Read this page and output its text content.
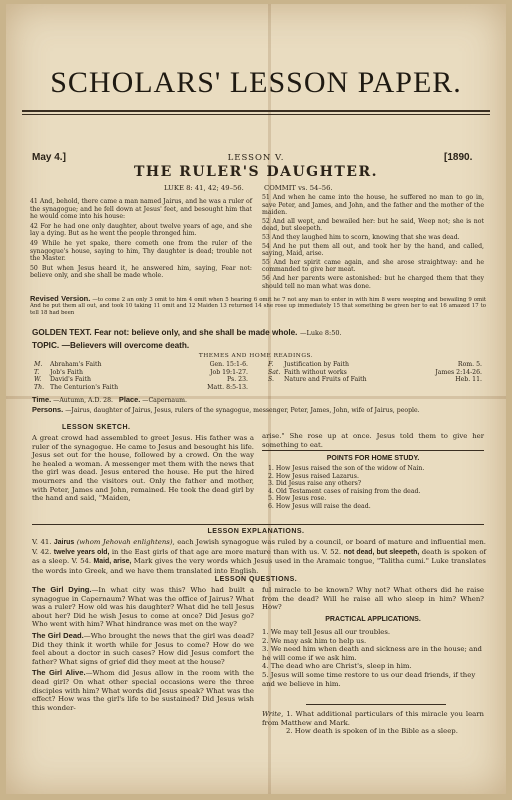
SCHOLARS' LESSON PAPER.
May 4.]	LESSON V.	[1890.
THE RULER'S DAUGHTER.
LUKE 8: 41, 42; 49–56.	COMMIT vs. 54–56.

41 And, behold, there came a man named Jairus, and he was a ruler of the synagogue; and he fell down at Jesus' feet, and besought him that he would come into his house:

42 For he had one only daughter, about twelve years of age, and she lay a dying. But as he went the people thronged him.

49 While he yet spake, there cometh one from the ruler of the synagogue's house, saying to him, Thy daughter is dead; trouble not the Master.

50 But when Jesus heard it, he answered him, saying, Fear not: believe only, and she shall be made whole.

51 And when he came into the house, he suffered no man to go in, save Peter, and James, and John, and the father and the mother of the maiden.

52 And all wept, and bewailed her: but he said, Weep not; she is not dead, but sleepeth.

53 And they laughed him to scorn, knowing that she was dead.

54 And he put them all out, and took her by the hand, and called, saying, Maid, arise.

55 And her spirit came again, and she arose straightway: and he commanded to give her meat.

56 And her parents were astonished: but he charged them that they should tell no man what was done.

Revised Version. —to come 2 an only 3 omit to him 4 omit when 5 hearing 6 omit he 7 not any man to enter in with him 8 were weeping and bewailing 9 omit And he put them all out, and took 10 taking 11 omit and 12 Maiden 13 returned 14 she rose up immediately 15 that something be given her to eat 16 amazed 17 to tell 18 had been
GOLDEN TEXT. Fear not: believe only, and she shall be made whole. —Luke 8:50.
TOPIC. —Believers will overcome death.
THEMES AND HOME READINGS.
M.	Abraham's Faith	Gen. 15:1-6.
T.	Job's Faith	Job 19:1-27.
W.	David's Faith	Ps. 23.
Th. The Centurion's Faith	Matt. 8:5-13.
F.	Justification by Faith	Rom. 5.
Sat. Faith without works	James 2:14-26.
S.	Nature and Fruits of Faith	Heb. 11.
Time. —Autumn, A.D. 28. Place. —Capernaum.
Persons. —Jairus, daughter of Jairus, Jesus, rulers of the synagogue, messenger, Peter, James, John, wife of Jairus, people.
LESSON SKETCH.
A great crowd had assembled to greet Jesus. His father was a ruler of the synagogue. He came to Jesus and besought his life. Jesus set out for the house, followed by a crowd. On the way he healed a woman. A messenger met them with the news that the girl was dead. Jesus entered the house. He put the hired mourners and the visitors out. Only the father and mother, with Peter, James and John, remained. He took the dead girl by the hand and said, "Maiden,
arise." She rose up at once. Jesus told them to give her something to eat.
POINTS FOR HOME STUDY.
1. How Jesus raised the son of the widow of Nain.
2. How Jesus raised Lazarus.
3. Did Jesus raise any others?
4. Old Testament cases of raising from the dead.
5. How Jesus rose.
6. How Jesus will raise the dead.
LESSON EXPLANATIONS.
V. 41. Jairus (whom Jehovah enlightens), each Jewish synagogue was ruled by a council, or board of mature and influential men. V. 42. twelve years old, in the East girls of that age are more mature than with us. V. 52. not dead, but sleepeth, death is spoken of as a sleep. V. 54. Maid, arise, Mark gives the very words which Jesus used in the Aramaic tongue, "Talitha cumi." Luke translates the words into Greek, and we have them translated into English.
LESSON QUESTIONS.

The Girl Dying.—In what city was this? Who had built a synagogue in Capernaum? What was the office of Jairus? What was a ruler? How old was his daughter? What did he tell Jesus about her? Did he wish Jesus to come at once? Did Jesus go? Who went with him? What hindrance was met on the way?

The Girl Dead.—Who brought the news that the girl was dead? Did they think it worth while for Jesus to come? How do we feel about a doctor in such cases? How did Jesus comfort the father? What signs of grief did they meet at the house?

The Girl Alive.—Whom did Jesus allow in the room with the dead girl? On what other special occasions were the three disciples with him? What words did Jesus speak? What was the effect? How was the girl's life to be sustained? Did Jesus wish this wonder-

ful miracle to be known? Why not? What others did he raise from the dead? Will he raise all who sleep in him? When? How?
PRACTICAL APPLICATIONS.
1. We may tell Jesus all our troubles.
2. We may ask him to help us.
3. We need him when death and sickness are in the house; and he will come if we ask him.
4. The dead who are Christ's, sleep in him.
5. Jesus will some time restore to us our dead friends, if they and we believe in him.
Write, 1. What additional particulars of this miracle you learn from Matthew and Mark.
2. How death is spoken of in the Bible as a sleep.
